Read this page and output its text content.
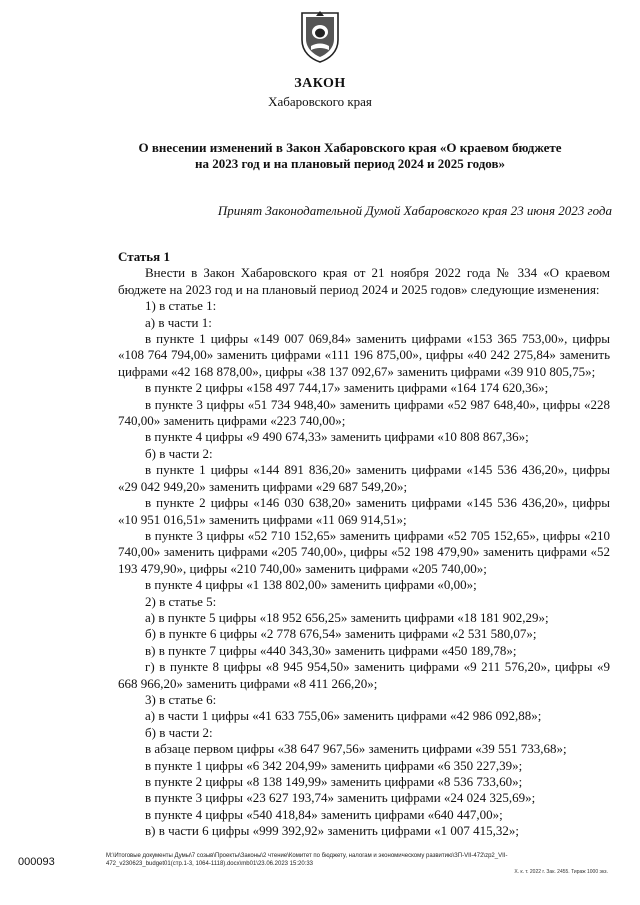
ЗАКОН
Хабаровского края
О внесении изменений в Закон Хабаровского края «О краевом бюджете
на 2023 год и на плановый период 2024 и 2025 годов»
Принят Законодательной Думой Хабаровского края 23 июня 2023 года

Статья 1

Внести в Закон Хабаровского края от 21 ноября 2022 года № 334 «О краевом бюджете на 2023 год и на плановый период 2024 и 2025 годов» следующие изменения:

1) в статье 1:

а) в части 1:

в пункте 1 цифры «149 007 069,84» заменить цифрами «153 365 753,00», цифры «108 764 794,00» заменить цифрами «111 196 875,00», цифры «40 242 275,84» заменить цифрами «42 168 878,00», цифры «38 137 092,67» заменить цифрами «39 910 805,75»;

в пункте 2 цифры «158 497 744,17» заменить цифрами «164 174 620,36»;

в пункте 3 цифры «51 734 948,40» заменить цифрами «52 987 648,40», цифры «228 740,00» заменить цифрами «223 740,00»;

в пункте 4 цифры «9 490 674,33» заменить цифрами «10 808 867,36»;

б) в части 2:

в пункте 1 цифры «144 891 836,20» заменить цифрами «145 536 436,20», цифры «29 042 949,20» заменить цифрами «29 687 549,20»;

в пункте 2 цифры «146 030 638,20» заменить цифрами «145 536 436,20», цифры «10 951 016,51» заменить цифрами «11 069 914,51»;

в пункте 3 цифры «52 710 152,65» заменить цифрами «52 705 152,65», цифры «210 740,00» заменить цифрами «205 740,00», цифры «52 198 479,90» заменить цифрами «52 193 479,90», цифры «210 740,00» заменить цифрами «205 740,00»;

в пункте 4 цифры «1 138 802,00» заменить цифрами «0,00»;

2) в статье 5:

а) в пункте 5 цифры «18 952 656,25» заменить цифрами «18 181 902,29»;

б) в пункте 6 цифры «2 778 676,54» заменить цифрами «2 531 580,07»;

в) в пункте 7 цифры «440 343,30» заменить цифрами «450 189,78»;

г) в пункте 8 цифры «8 945 954,50» заменить цифрами «9 211 576,20», цифры «9 668 966,20» заменить цифрами «8 411 266,20»;

3) в статье 6:

а) в части 1 цифры «41 633 755,06» заменить цифрами «42 986 092,88»;

б) в части 2:

в абзаце первом цифры «38 647 967,56» заменить цифрами «39 551 733,68»;

в пункте 1 цифры «6 342 204,99» заменить цифрами «6 350 227,39»;

в пункте 2 цифры «8 138 149,99» заменить цифрами «8 536 733,60»;

в пункте 3 цифры «23 627 193,74» заменить цифрами «24 024 325,69»;

в пункте 4 цифры «540 418,84» заменить цифрами «640 447,00»;

в) в части 6 цифры «999 392,92» заменить цифрами «1 007 415,32»;

000093	M:\Итоговые документы Думы\7 созыв\Проекты\Законы\2 чтение\Комитет по бюджету, налогам и экономическому развитию\ЗП-VII-472\zp2_VII-
472_v230623_budget01(стр.1-3, 1064-1118).docx\mb01\23.06.2023 15:20:33
Х. к. т. 2022 г. Зак. 2455. Тираж 1000 экз.
